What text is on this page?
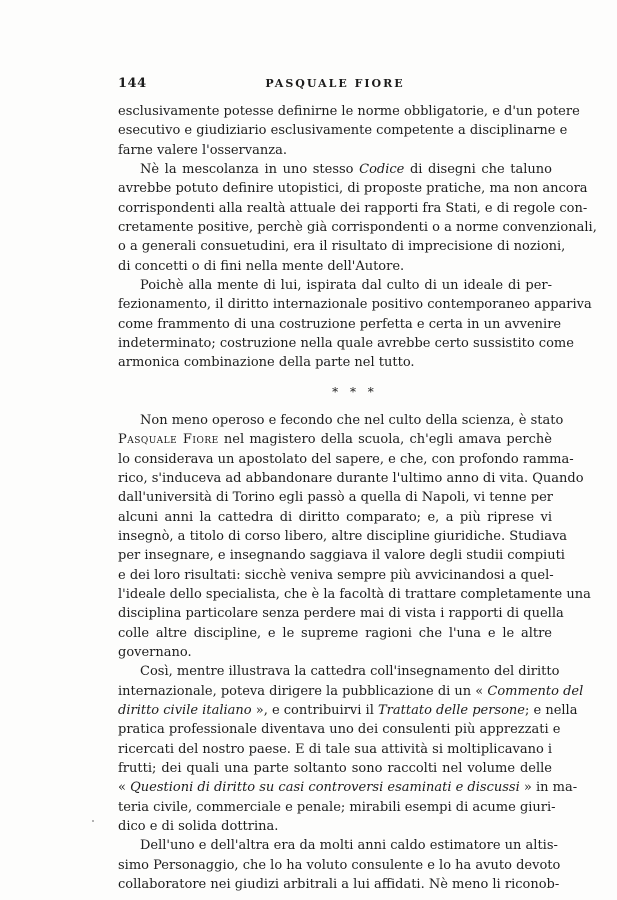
144	PASQUALE FIORE
esclusivamente potesse definirne le norme obbligatorie, e d'un potere
esecutivo e giudiziario esclusivamente competente a disciplinarne e
farne valere l'osservanza.
Nè la mescolanza in uno stesso Codice di disegni che taluno
avrebbe potuto definire utopistici, di proposte pratiche, ma non ancora
corrispondenti alla realtà attuale dei rapporti fra Stati, e di regole con-
cretamente positive, perchè già corrispondenti o a norme convenzionali,
o a generali consuetudini, era il risultato di imprecisione di nozioni,
di concetti o di fini nella mente dell'Autore.
Poichè alla mente di lui, ispirata dal culto di un ideale di per-
fezionamento, il diritto internazionale positivo contemporaneo appariva
come frammento di una costruzione perfetta e certa in un avvenire
indeterminato; costruzione nella quale avrebbe certo sussistito come
armonica combinazione della parte nel tutto.
* * *
Non meno operoso e fecondo che nel culto della scienza, è stato
Pasquale Fiore nel magistero della scuola, ch'egli amava perchè
lo considerava un apostolato del sapere, e che, con profondo ramma-
rico, s'induceva ad abbandonare durante l'ultimo anno di vita. Quando
dall'università di Torino egli passò a quella di Napoli, vi tenne per
alcuni anni la cattedra di diritto comparato; e, a più riprese vi
insegnò, a titolo di corso libero, altre discipline giuridiche. Studiava
per insegnare, e insegnando saggiava il valore degli studii compiuti
e dei loro risultati: sicchè veniva sempre più avvicinandosi a quel-
l'ideale dello specialista, che è la facoltà di trattare completamente una
disciplina particolare senza perdere mai di vista i rapporti di quella
colle altre discipline, e le supreme ragioni che l'una e le altre
governano.
Così, mentre illustrava la cattedra coll'insegnamento del diritto
internazionale, poteva dirigere la pubblicazione di un « Commento del
diritto civile italiano », e contribuirvi il Trattato delle persone; e nella
pratica professionale diventava uno dei consulenti più apprezzati e
ricercati del nostro paese. E di tale sua attività si moltiplicavano i
frutti; dei quali una parte soltanto sono raccolti nel volume delle
« Questioni di diritto su casi controversi esaminati e discussi » in ma-
teria civile, commerciale e penale; mirabili esempi di acume giuri-
dico e di solida dottrina.
Dell'uno e dell'altra era da molti anni caldo estimatore un altis-
simo Personaggio, che lo ha voluto consulente e lo ha avuto devoto
collaboratore nei giudizi arbitrali a lui affidati. Nè meno li riconob-
